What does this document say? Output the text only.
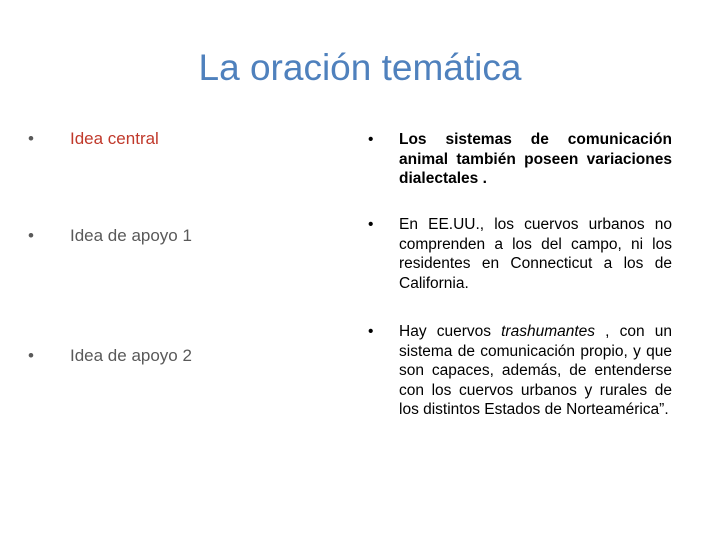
La oración temática
• Idea central
• Idea de apoyo 1
• Idea de apoyo 2
• Los sistemas de comunicación animal también poseen variaciones dialectales .
• En EE.UU., los cuervos urbanos no comprenden a los del campo, ni los residentes en Connecticut a los de California.
• Hay cuervos trashumantes , con un sistema de comunicación propio, y que son capaces, además, de entenderse con los cuervos urbanos y rurales de los distintos Estados de Norteamérica”.
